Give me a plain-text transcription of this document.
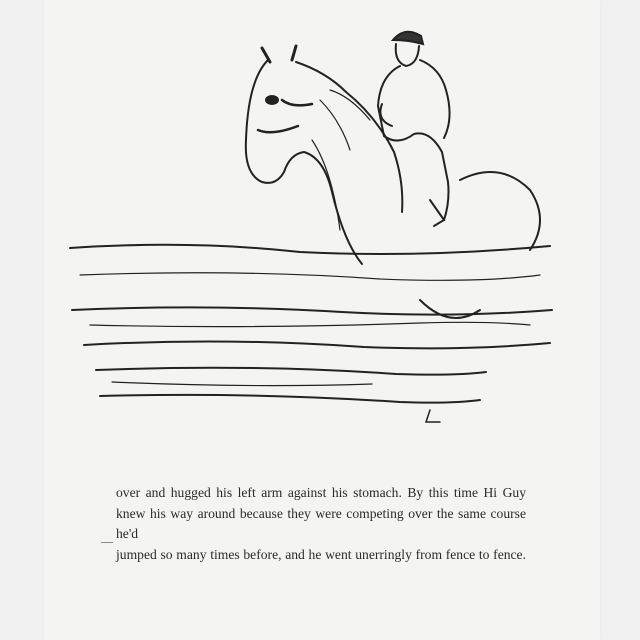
over and hugged his left arm against his stomach. By this time Hi Guy

knew his way around because they were competing over the same course he'd

jumped so many times before, and he went unerringly from fence to fence.
